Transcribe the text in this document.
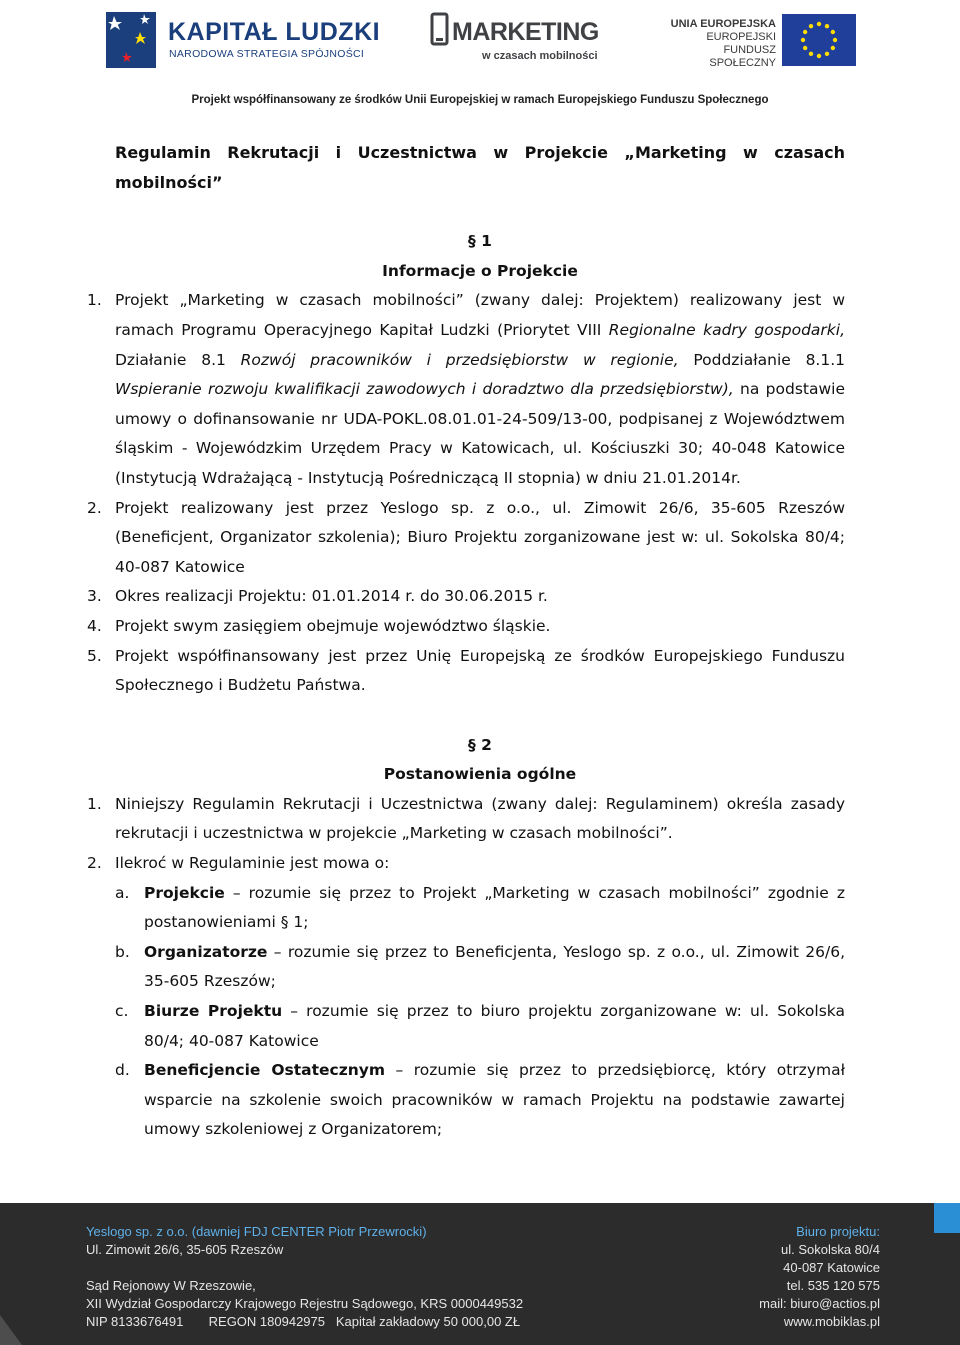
KAPITAŁ LUDZKI
NARODOWA STRATEGIA SPÓJNOŚCI
MARKETING
w czasach mobilności
UNIA EUROPEJSKA
EUROPEJSKI
FUNDUSZ SPOŁECZNY
Projekt współfinansowany ze środków Unii Europejskiej w ramach Europejskiego Funduszu Społecznego

Regulamin Rekrutacji i Uczestnictwa w Projekcie „Marketing w czasach mobilności”

§ 1
Informacje o Projekcie
1. Projekt „Marketing w czasach mobilności” (zwany dalej: Projektem) realizowany jest w ramach Programu Operacyjnego Kapitał Ludzki (Priorytet VIII Regionalne kadry gospodarki, Działanie 8.1 Rozwój pracowników i przedsiębiorstw w regionie, Poddziałanie 8.1.1 Wspieranie rozwoju kwalifikacji zawodowych i doradztwo dla przedsiębiorstw), na podstawie umowy o dofinansowanie nr UDA-POKL.08.01.01-24-509/13-00, podpisanej z Województwem śląskim - Wojewódzkim Urzędem Pracy w Katowicach, ul. Kościuszki 30; 40-048 Katowice (Instytucją Wdrażającą - Instytucją Pośredniczącą II stopnia) w dniu 21.01.2014r.
2. Projekt realizowany jest przez Yeslogo sp. z o.o., ul. Zimowit 26/6, 35-605 Rzeszów (Beneficjent, Organizator szkolenia); Biuro Projektu zorganizowane jest w: ul. Sokolska 80/4; 40-087 Katowice
3. Okres realizacji Projektu: 01.01.2014 r. do 30.06.2015 r.
4. Projekt swym zasięgiem obejmuje województwo śląskie.
5. Projekt współfinansowany jest przez Unię Europejską ze środków Europejskiego Funduszu Społecznego i Budżetu Państwa.
§ 2
Postanowienia ogólne
1. Niniejszy Regulamin Rekrutacji i Uczestnictwa (zwany dalej: Regulaminem) określa zasady rekrutacji i uczestnictwa w projekcie „Marketing w czasach mobilności”.
2. Ilekroć w Regulaminie jest mowa o:
a. Projekcie – rozumie się przez to Projekt „Marketing w czasach mobilności” zgodnie z postanowieniami § 1;
b. Organizatorze – rozumie się przez to Beneficjenta, Yeslogo sp. z o.o., ul. Zimowit 26/6, 35-605 Rzeszów;
c. Biurze Projektu – rozumie się przez to biuro projektu zorganizowane w: ul. Sokolska 80/4; 40-087 Katowice
d. Beneficjencie Ostatecznym – rozumie się przez to przedsiębiorcę, który otrzymał wsparcie na szkolenie swoich pracowników w ramach Projektu na podstawie zawartej umowy szkoleniowej z Organizatorem;
Yeslogo sp. z o.o. (dawniej FDJ CENTER Piotr Przewrocki)
Ul. Zimowit 26/6, 35-605 Rzeszów
Sąd Rejonowy W Rzeszowie,
XII Wydział Gospodarczy Krajowego Rejestru Sądowego, KRS 0000449532
NIP 8133676491       REGON 180942975   Kapitał zakładowy 50 000,00 ZŁ
Biuro projektu:
ul. Sokolska 80/4
40-087 Katowice
tel. 535 120 575
mail: biuro@actios.pl
www.mobiklas.pl
